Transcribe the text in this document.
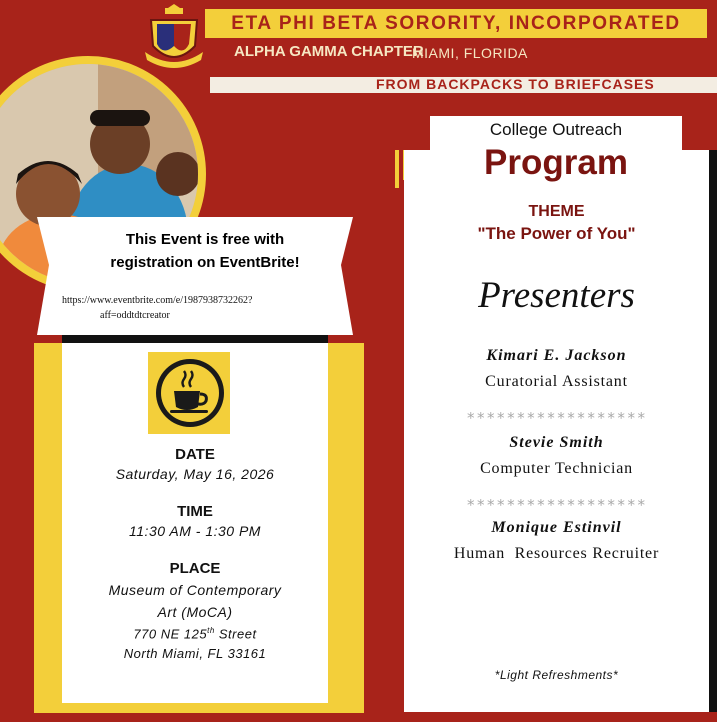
ETA PHI BETA SORORITY, INCORPORATED
ALPHA GAMMA CHAPTER
MIAMI, FLORIDA
FROM BACKPACKS TO BRIEFCASES
This Event is free with
registration on EventBrite!
https://www.eventbrite.com/e/1987938732262?
aff=oddtdtcreator
DATE
Saturday, May 16, 2026
TIME
11:30 AM - 1:30 PM
PLACE
Museum of Contemporary
Art (MoCA)
770 NE 125th Street
North Miami, FL 33161
College Outreach
Program
THEME
"The Power of You"
Presenters
Kimari E. Jackson
Curatorial Assistant
******************
Stevie Smith
Computer Technician
******************
Monique Estinvil
Human  Resources Recruiter
*Light Refreshments*
